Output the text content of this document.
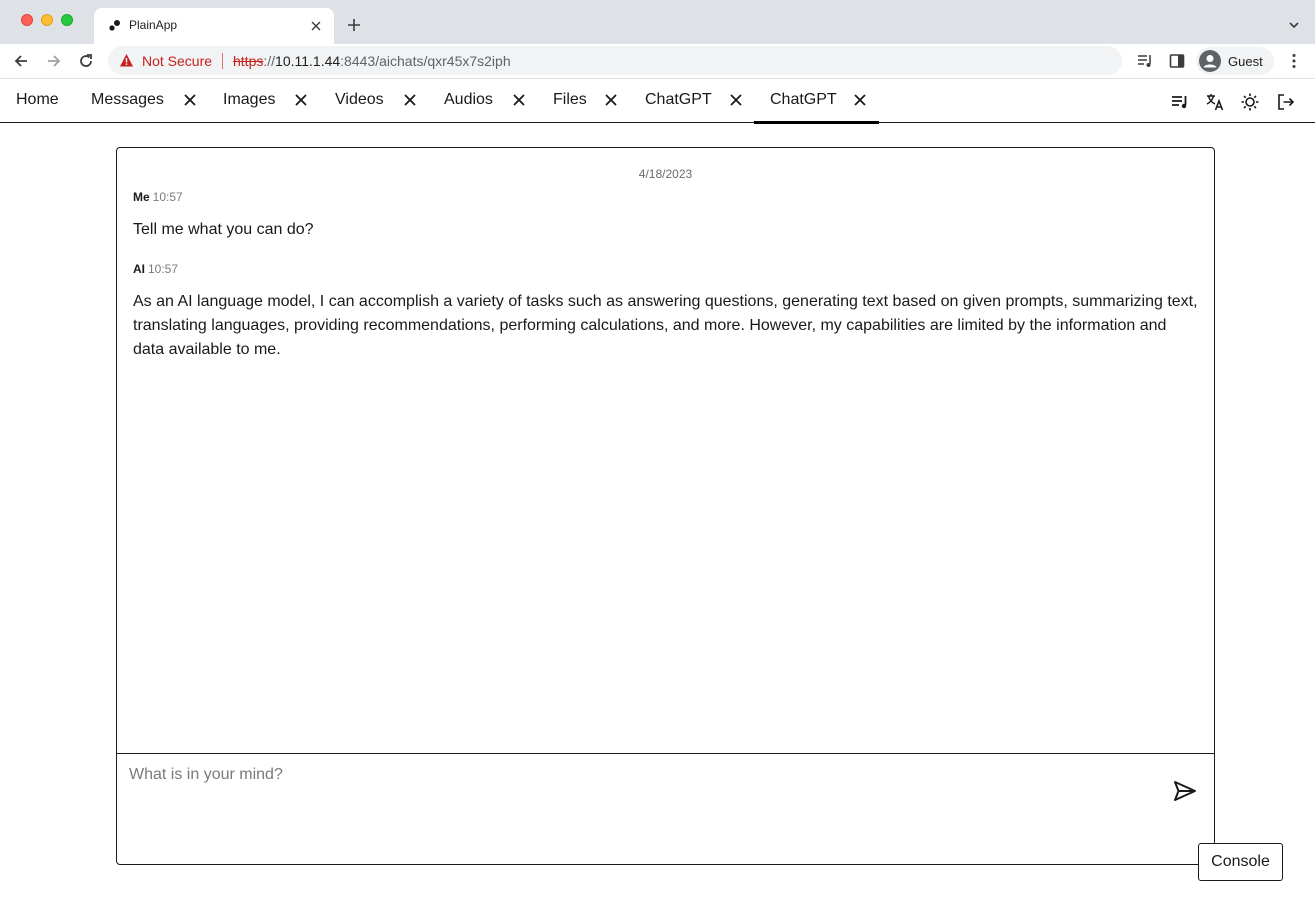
PlainApp
Not Secure https://10.11.1.44:8443/aichats/qxr45x7s2iph	Guest
Home Messages	Images	Videos	Audios	Files	ChatGPT	ChatGPT
4/18/2023
Me 10:57
Tell me what you can do?
AI 10:57
As an AI language model, I can accomplish a variety of tasks such as answering questions, generating text based on given prompts, summarizing text, translating languages, providing recommendations, performing calculations, and more. However, my capabilities are limited by the information and data available to me.
What is in your mind?
Console
